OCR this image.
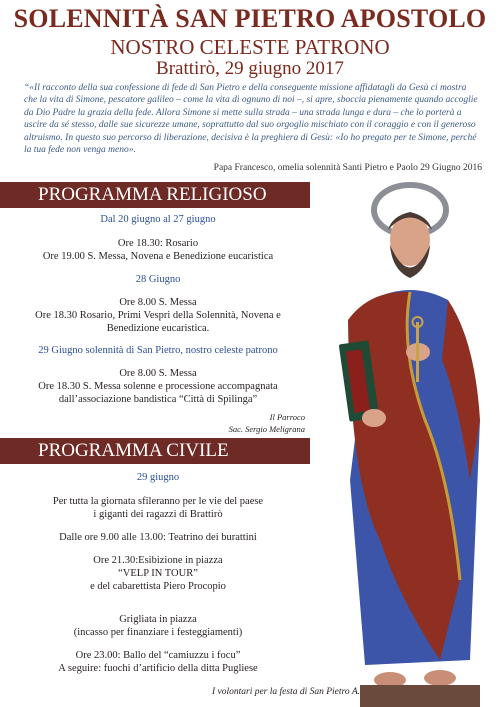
SOLENNITÀ SAN PIETRO APOSTOLO
NOSTRO CELESTE PATRONO
Brattirò, 29 giugno 2017
“«Il racconto della sua confessione di fede di San Pietro e della conseguente missione affidatagli da Gesù ci mostra che la vita di Simone, pescatore galileo – come la vita di ognuno di noi –, si apre, sboccia pienamente quando accoglie da Dio Padre la grazia della fede. Allora Simone si mette sulla strada – una strada lunga e dura – che lo porterà a uscire da sé stesso, dalle sue sicurezze umane, soprattutto dal suo orgoglio mischiato con il coraggio e con il generoso altruismo. In questo suo percorso di liberazione, decisiva è la preghiera di Gesù: «Io ho pregato per te Simone, perché la tua fede non venga meno».
Papa Francesco, omelia solennità Santi Pietro e Paolo 29 Giugno 2016
PROGRAMMA RELIGIOSO
Dal 20 giugno al 27 giugno
Ore 18.30: Rosario
Ore 19.00 S. Messa, Novena e Benedizione eucaristica
28 Giugno
Ore 8.00 S. Messa
Ore 18.30 Rosario, Primi Vespri della Solennità, Novena e
Benedizione eucaristica.
29 Giugno solennità di San Pietro, nostro celeste patrono
Ore 8.00 S. Messa
Ore 18.30 S. Messa solenne e processione accompagnata
dall’associazione bandistica “Città di Spilinga”
Il Parroco
Sac. Sergio Meligrana
PROGRAMMA CIVILE
29 giugno
Per tutta la giornata sfileranno per le vie del paese
i giganti dei ragazzi di Brattirò
Dalle ore 9.00 alle 13.00: Teatrino dei burattini
Ore 21.30:Esibizione in piazza
“VELP IN TOUR”
e del cabarettista Piero Procopio
Grigliata in piazza
(incasso per finanziare i festeggiamenti)
Ore 23.00: Ballo del “camiuzzu i focu”
A seguire: fuochi d’artificio della ditta Pugliese
I volontari per la festa di San Pietro A.
